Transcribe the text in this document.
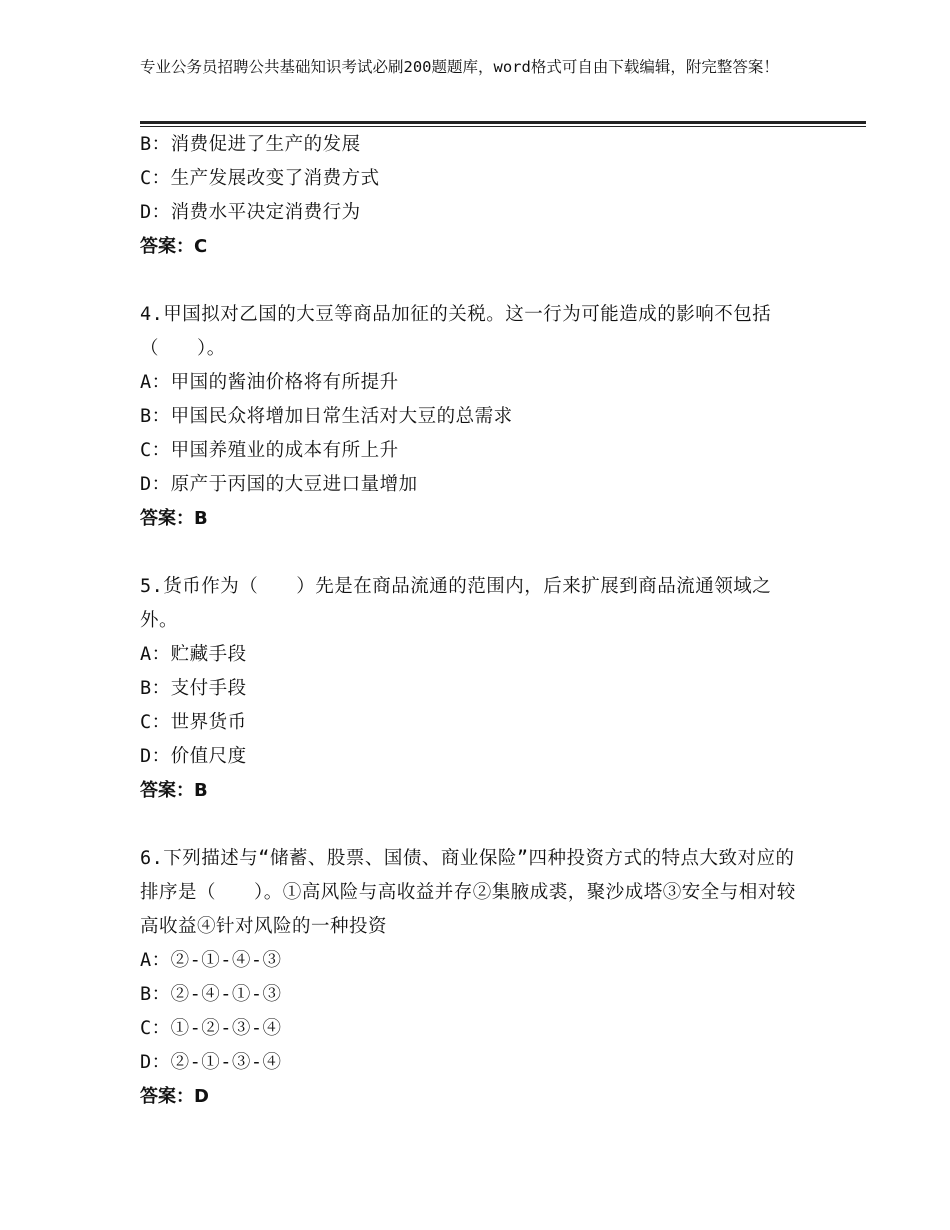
专业公务员招聘公共基础知识考试必刷200题题库，word格式可自由下载编辑，附完整答案！
B：消费促进了生产的发展
C：生产发展改变了消费方式
D：消费水平决定消费行为
答案：C
4.甲国拟对乙国的大豆等商品加征的关税。这一行为可能造成的影响不包括（　　）。
A：甲国的酱油价格将有所提升
B：甲国民众将增加日常生活对大豆的总需求
C：甲国养殖业的成本有所上升
D：原产于丙国的大豆进口量增加
答案：B
5.货币作为（　　）先是在商品流通的范围内，后来扩展到商品流通领域之外。
A：贮藏手段
B：支付手段
C：世界货币
D：价值尺度
答案：B
6.下列描述与“储蓄、股票、国债、商业保险”四种投资方式的特点大致对应的排序是（　　）。①高风险与高收益并存②集腋成裘，聚沙成塔③安全与相对较高收益④针对风险的一种投资
A：②-①-④-③
B：②-④-①-③
C：①-②-③-④
D：②-①-③-④
答案：D
